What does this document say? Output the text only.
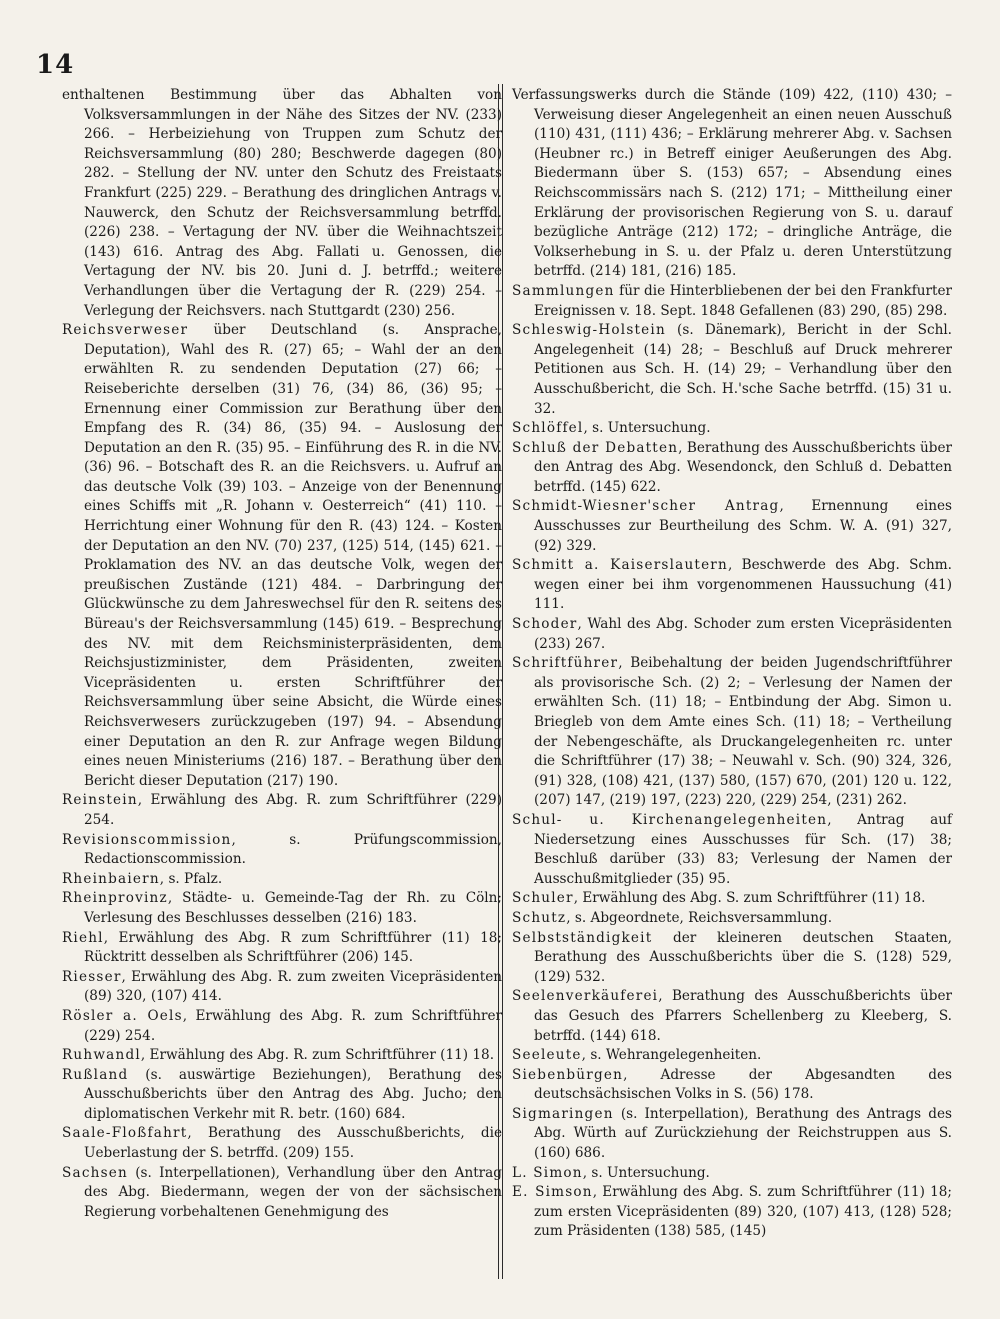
14

enthaltenen Bestimmung über das Abhalten von Volksversammlungen in der Nähe des Sitzes der NV. (233) 266. – Herbeiziehung von Truppen zum Schutz der Reichsversammlung (80) 280; Beschwerde dagegen (80) 282. – Stellung der NV. unter den Schutz des Freistaats Frankfurt (225) 229. – Berathung des dringlichen Antrags v. Nauwerck, den Schutz der Reichsversammlung betrffd. (226) 238. – Vertagung der NV. über die Weihnachtszeit (143) 616. Antrag des Abg. Fallati u. Genossen, die Vertagung der NV. bis 20. Juni d. J. betrffd.; weitere Verhandlungen über die Vertagung der R. (229) 254. – Verlegung der Reichsvers. nach Stuttgardt (230) 256.

Reichsverweser über Deutschland (s. Ansprache, Deputation), Wahl des R. (27) 65; – Wahl der an den erwählten R. zu sendenden Deputation (27) 66; – Reiseberichte derselben (31) 76, (34) 86, (36) 95; – Ernennung einer Commission zur Berathung über den Empfang des R. (34) 86, (35) 94. – Auslosung der Deputation an den R. (35) 95. – Einführung des R. in die NV. (36) 96. – Botschaft des R. an die Reichsvers. u. Aufruf an das deutsche Volk (39) 103. – Anzeige von der Benennung eines Schiffs mit „R. Johann v. Oesterreich“ (41) 110. – Herrichtung einer Wohnung für den R. (43) 124. – Kosten der Deputation an den NV. (70) 237, (125) 514, (145) 621. – Proklamation des NV. an das deutsche Volk, wegen der preußischen Zustände (121) 484. – Darbringung der Glückwünsche zu dem Jahreswechsel für den R. seitens des Büreau's der Reichsversammlung (145) 619. – Besprechung des NV. mit dem Reichsministerpräsidenten, dem Reichsjustizminister, dem Präsidenten, zweiten Vicepräsidenten u. ersten Schriftführer der Reichsversammlung über seine Absicht, die Würde eines Reichsverwesers zurückzugeben (197) 94. – Absendung einer Deputation an den R. zur Anfrage wegen Bildung eines neuen Ministeriums (216) 187. – Berathung über den Bericht dieser Deputation (217) 190.

Reinstein, Erwählung des Abg. R. zum Schriftführer (229) 254.

Revisionscommission, s. Prüfungscommission, Redactionscommission.

Rheinbaiern, s. Pfalz.

Rheinprovinz, Städte- u. Gemeinde-Tag der Rh. zu Cöln; Verlesung des Beschlusses desselben (216) 183.

Riehl, Erwählung des Abg. R zum Schriftführer (11) 18; Rücktritt desselben als Schriftführer (206) 145.

Riesser, Erwählung des Abg. R. zum zweiten Vicepräsidenten (89) 320, (107) 414.

Rösler a. Oels, Erwählung des Abg. R. zum Schriftführer (229) 254.

Ruhwandl, Erwählung des Abg. R. zum Schriftführer (11) 18.

Rußland (s. auswärtige Beziehungen), Berathung des Ausschußberichts über den Antrag des Abg. Jucho; den diplomatischen Verkehr mit R. betr. (160) 684.

Saale-Floßfahrt, Berathung des Ausschußberichts, die Ueberlastung der S. betrffd. (209) 155.

Sachsen (s. Interpellationen), Verhandlung über den Antrag des Abg. Biedermann, wegen der von der sächsischen Regierung vorbehaltenen Genehmigung des

Verfassungswerks durch die Stände (109) 422, (110) 430; – Verweisung dieser Angelegenheit an einen neuen Ausschuß (110) 431, (111) 436; – Erklärung mehrerer Abg. v. Sachsen (Heubner rc.) in Betreff einiger Aeußerungen des Abg. Biedermann über S. (153) 657; – Absendung eines Reichscommissärs nach S. (212) 171; – Mittheilung einer Erklärung der provisorischen Regierung von S. u. darauf bezügliche Anträge (212) 172; – dringliche Anträge, die Volkserhebung in S. u. der Pfalz u. deren Unterstützung betrffd. (214) 181, (216) 185.

Sammlungen für die Hinterbliebenen der bei den Frankfurter Ereignissen v. 18. Sept. 1848 Gefallenen (83) 290, (85) 298.

Schleswig-Holstein (s. Dänemark), Bericht in der Schl. Angelegenheit (14) 28; – Beschluß auf Druck mehrerer Petitionen aus Sch. H. (14) 29; – Verhandlung über den Ausschußbericht, die Sch. H.'sche Sache betrffd. (15) 31 u. 32.

Schlöffel, s. Untersuchung.

Schluß der Debatten, Berathung des Ausschußberichts über den Antrag des Abg. Wesendonck, den Schluß d. Debatten betrffd. (145) 622.

Schmidt-Wiesner'scher Antrag, Ernennung eines Ausschusses zur Beurtheilung des Schm. W. A. (91) 327, (92) 329.

Schmitt a. Kaiserslautern, Beschwerde des Abg. Schm. wegen einer bei ihm vorgenommenen Haussuchung (41) 111.

Schoder, Wahl des Abg. Schoder zum ersten Vicepräsidenten (233) 267.

Schriftführer, Beibehaltung der beiden Jugendschriftführer als provisorische Sch. (2) 2; – Verlesung der Namen der erwählten Sch. (11) 18; – Entbindung der Abg. Simon u. Briegleb von dem Amte eines Sch. (11) 18; – Vertheilung der Nebengeschäfte, als Druckangelegenheiten rc. unter die Schriftführer (17) 38; – Neuwahl v. Sch. (90) 324, 326, (91) 328, (108) 421, (137) 580, (157) 670, (201) 120 u. 122, (207) 147, (219) 197, (223) 220, (229) 254, (231) 262.

Schul- u. Kirchenangelegenheiten, Antrag auf Niedersetzung eines Ausschusses für Sch. (17) 38; Beschluß darüber (33) 83; Verlesung der Namen der Ausschußmitglieder (35) 95.

Schuler, Erwählung des Abg. S. zum Schriftführer (11) 18.

Schutz, s. Abgeordnete, Reichsversammlung.

Selbstständigkeit der kleineren deutschen Staaten, Berathung des Ausschußberichts über die S. (128) 529, (129) 532.

Seelenverkäuferei, Berathung des Ausschußberichts über das Gesuch des Pfarrers Schellenberg zu Kleeberg, S. betrffd. (144) 618.

Seeleute, s. Wehrangelegenheiten.

Siebenbürgen, Adresse der Abgesandten des deutschsächsischen Volks in S. (56) 178.

Sigmaringen (s. Interpellation), Berathung des Antrags des Abg. Würth auf Zurückziehung der Reichstruppen aus S. (160) 686.

L. Simon, s. Untersuchung.

E. Simson, Erwählung des Abg. S. zum Schriftführer (11) 18; zum ersten Vicepräsidenten (89) 320, (107) 413, (128) 528; zum Präsidenten (138) 585, (145)
